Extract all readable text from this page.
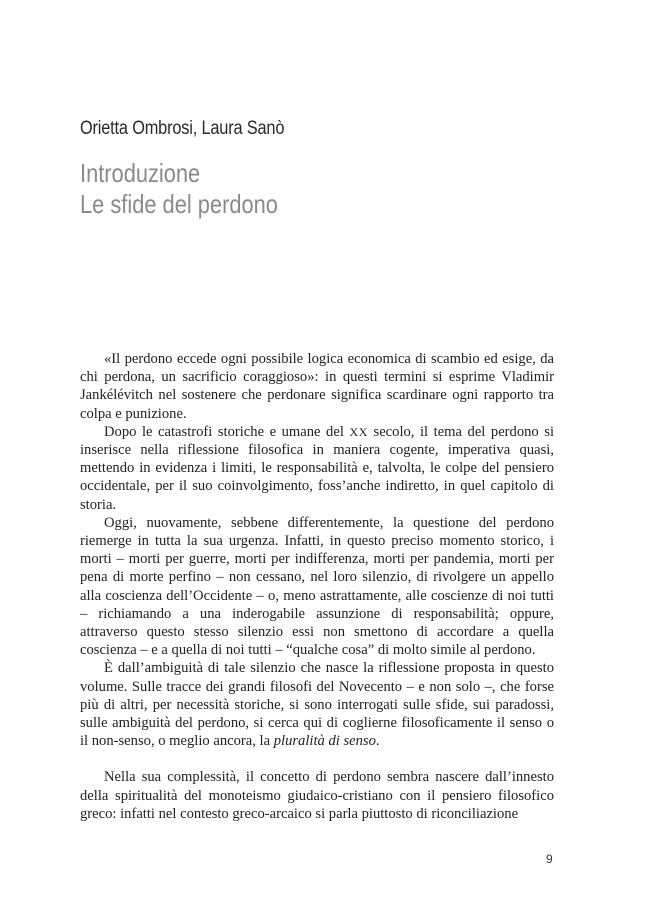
Orietta Ombrosi, Laura Sanò
Introduzione
Le sfide del perdono

«Il perdono eccede ogni possibile logica economica di scambio ed esige, da chi perdona, un sacrificio coraggioso»: in questi termini si esprime Vladimir Jankélévitch nel sostenere che perdonare significa scardinare ogni rapporto tra colpa e punizione.

Dopo le catastrofi storiche e umane del XX secolo, il tema del perdono si inserisce nella riflessione filosofica in maniera cogente, imperativa quasi, mettendo in evidenza i limiti, le responsabilità e, talvolta, le colpe del pensiero occidentale, per il suo coinvolgimento, foss’anche indiretto, in quel capitolo di storia.

Oggi, nuovamente, sebbene differentemente, la questione del perdono riemerge in tutta la sua urgenza. Infatti, in questo preciso momento storico, i morti – morti per guerre, morti per indifferenza, morti per pandemia, morti per pena di morte perfino – non cessano, nel loro silenzio, di rivolgere un appello alla coscienza dell’Occidente – o, meno astrattamente, alle coscienze di noi tutti – richiamando a una inderogabile assunzione di responsabilità; oppure, attraverso questo stesso silenzio essi non smettono di accordare a quella coscienza – e a quella di noi tutti – “qualche cosa” di molto simile al perdono.

È dall’ambiguità di tale silenzio che nasce la riflessione proposta in questo volume. Sulle tracce dei grandi filosofi del Novecento – e non solo –, che forse più di altri, per necessità storiche, si sono interrogati sulle sfide, sui paradossi, sulle ambiguità del perdono, si cerca qui di coglierne filosoficamente il senso o il non-senso, o meglio ancora, la pluralità di senso.

Nella sua complessità, il concetto di perdono sembra nascere dall’innesto della spiritualità del monoteismo giudaico-cristiano con il pensiero filosofico greco: infatti nel contesto greco-arcaico si parla piuttosto di riconciliazione

9
